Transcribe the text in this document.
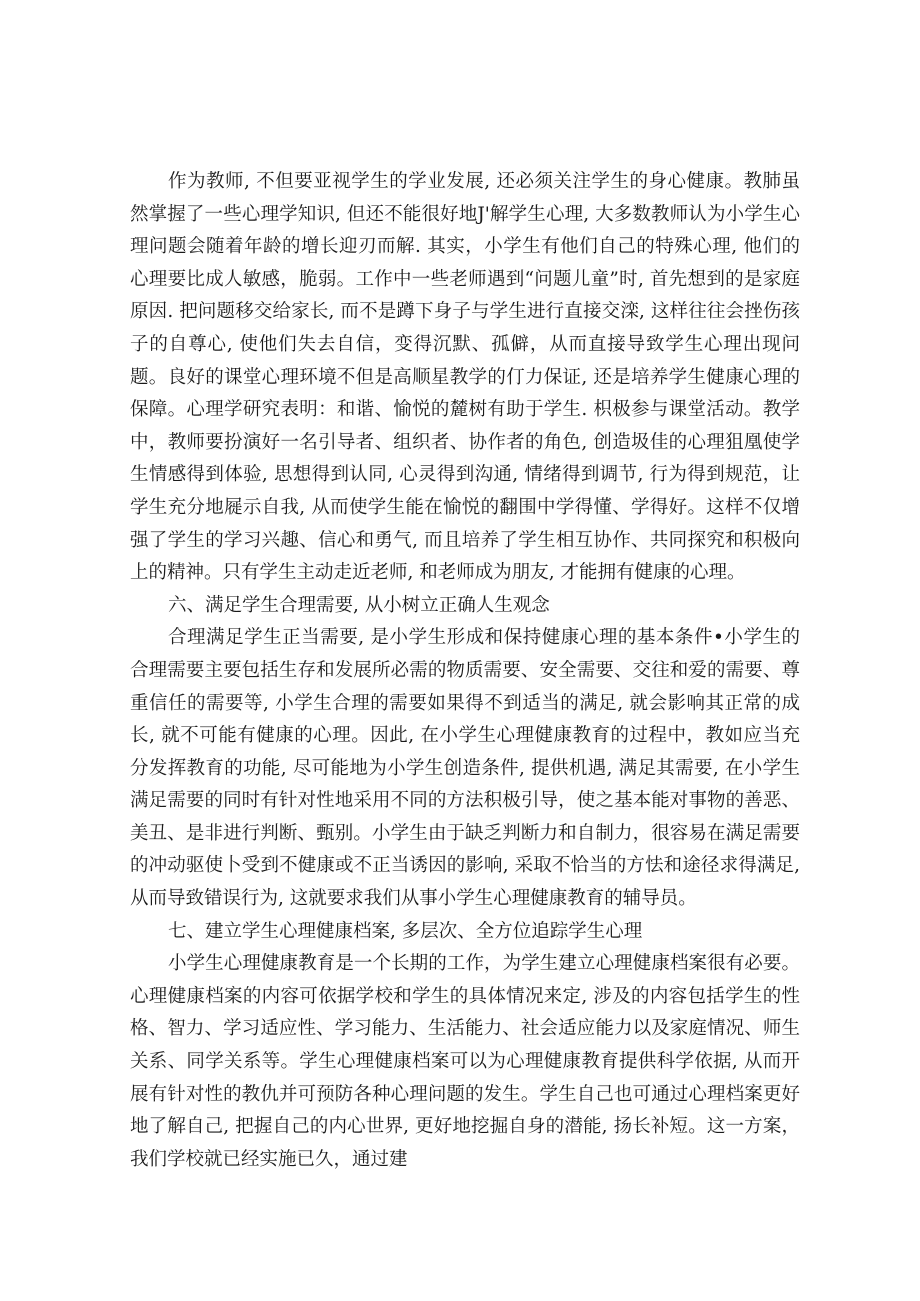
作为教师, 不但要亚视学生的学业发展, 还必须关注学生的身心健康。教肺虽然掌握了一些心理学知识, 但还不能很好地J'解学生心理, 大多数教师认为小学生心理问题会随着年龄的增长迎刃而解. 其实，小学生有他们自己的特殊心理, 他们的心理要比成人敏感，脆弱。工作中一些老师遇到“问题儿童”时, 首先想到的是家庭原因. 把问题移交给家长, 而不是蹲下身子与学生进行直接交滦, 这样往往会挫伤孩子的自尊心, 使他们失去自信，变得沉默、孤僻，从而直接导致学生心理出现问题。良好的课堂心理环境不但是高顺星教学的仃力保证, 还是培养学生健康心理的保障。心理学研究表明：和谐、愉悦的麓树有助于学生. 枳极参与课堂活动。教学中，教师要扮演好一名引导者、组织者、协作者的角色, 创造圾佳的心理狙凰使学生情感得到体验, 思想得到认同, 心灵得到沟通, 情绪得到调节, 行为得到规范，让学生充分地屣示自我, 从而使学生能在愉悦的翻围中学得懂、学得好。这样不仅增强了学生的学习兴趣、信心和勇气, 而且培养了学生相互协作、共同探究和积极向上的精神。只有学生主动走近老师, 和老师成为朋友, 才能拥有健康的心理。

六、满足学生合理需要, 从小树立正确人生观念

合理满足学生正当需要, 是小学生形成和保持健康心理的基本条件•小学生的合理需要主要包括生存和发展所必需的物质需要、安全需要、交往和爱的需要、尊重信任的需要等, 小学生合理的需要如果得不到适当的满足, 就会影响其正常的成长, 就不可能有健康的心理。因此, 在小学生心理健康教育的过程中，教如应当充分发挥教育的功能, 尽可能地为小学生创造条件, 提供机遇, 满足其需要, 在小学生满足需要的同时有针对性地采用不同的方法积极引导，使之基本能对事物的善恶、美丑、是非进行判断、甄别。小学生由于缺乏判断力和自制力，很容易在满足需要的冲动驱使卜受到不健康或不正当诱因的影响, 采取不恰当的方怯和途径求得满足, 从而导致错误行为, 这就要求我们从事小学生心理健康教育的辅导员。

七、建立学生心理健康档案, 多层次、全方位追踪学生心理

小学生心理健康教育是一个长期的工作，为学生建立心理健康档案很有必要。心理健康档案的内容可依据学校和学生的具体情况来定, 涉及的内容包括学生的性格、智力、学习适应性、学习能力、生活能力、社会适应能力以及家庭情况、师生关系、同学关系等。学生心理健康档案可以为心理健康教育提供科学依据, 从而开展有针对性的教仇并可预防各种心理问题的发生。学生自己也可通过心理档案更好地了解自己, 把握自己的内心世界, 更好地挖掘自身的潜能, 扬长补短。这一方案，我们学校就已经实施已久，通过建
